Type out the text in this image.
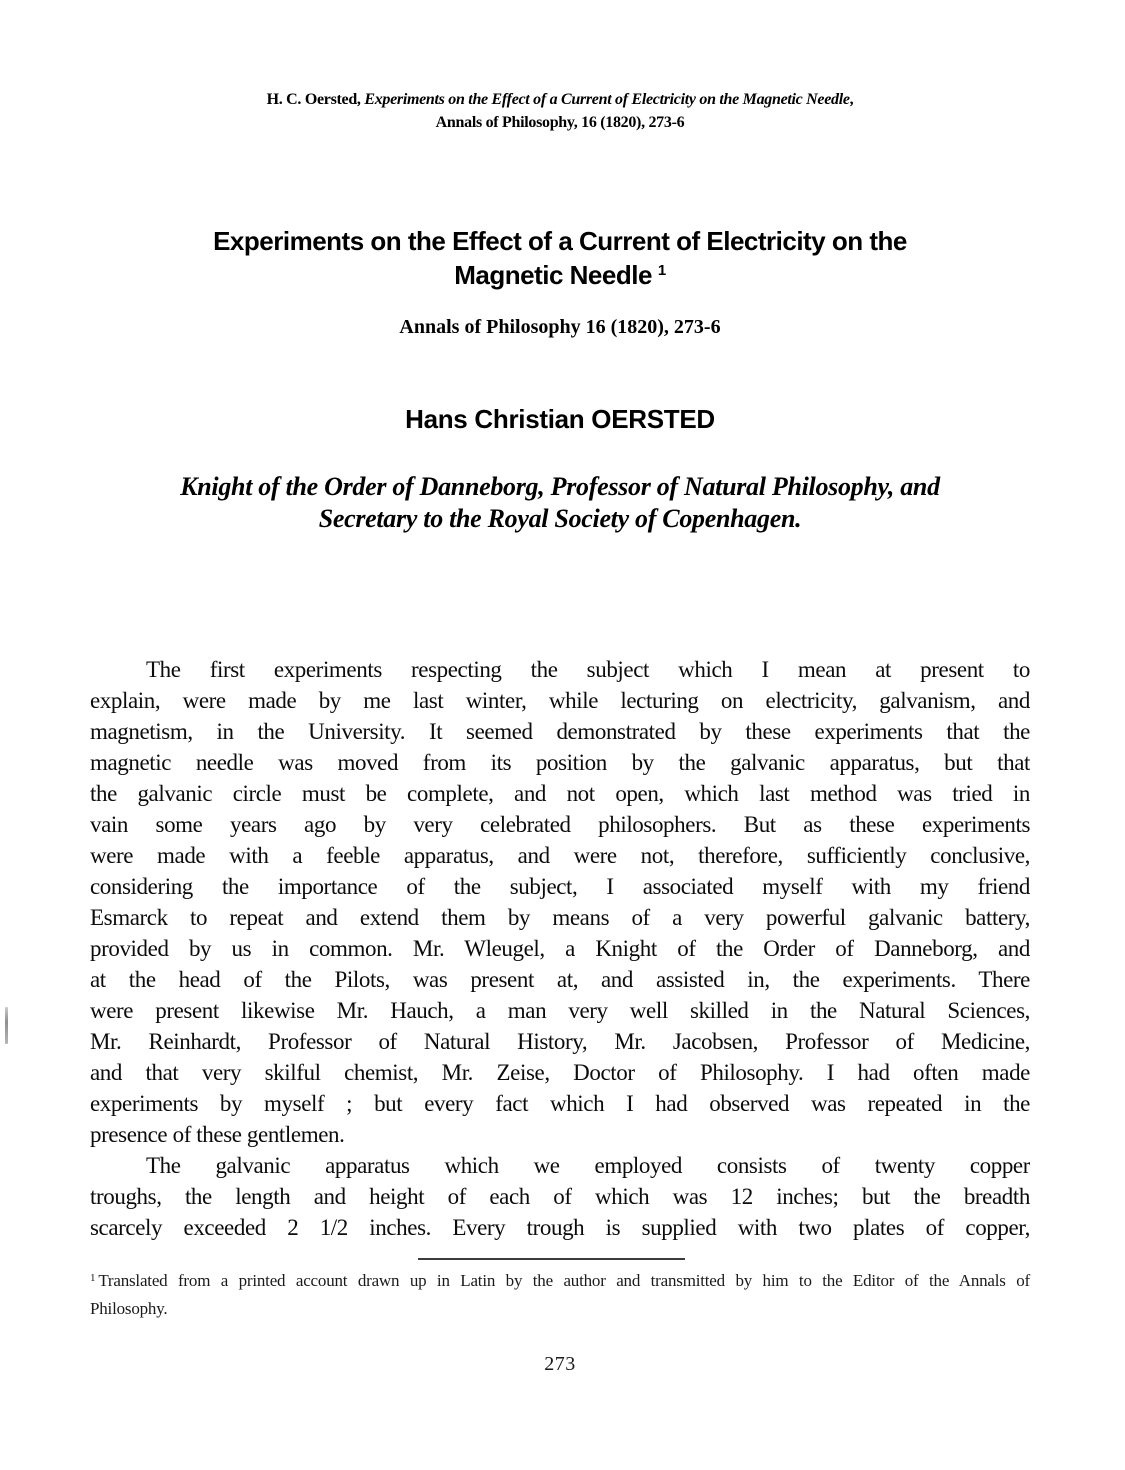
H. C. Oersted, Experiments on the Effect of a Current of Electricity on the Magnetic Needle,
Annals of Philosophy, 16 (1820), 273-6
Experiments on the Effect of a Current of Electricity on the
Magnetic Needle $^1$
Annals of Philosophy 16 (1820), 273-6
Hans Christian OERSTED
Knight of the Order of Danneborg, Professor of Natural Philosophy, and
Secretary to the Royal Society of Copenhagen.
The first experiments respecting the subject which I mean at present to
explain, were made by me last winter, while lecturing on electricity, galvanism, and
magnetism, in the University. It seemed demonstrated by these experiments that the
magnetic needle was moved from its position by the galvanic apparatus, but that
the galvanic circle must be complete, and not open, which last method was tried in
vain some years ago by very celebrated philosophers. But as these experiments
were made with a feeble apparatus, and were not, therefore, sufficiently conclusive,
considering the importance of the subject, I associated myself with my friend
Esmarck to repeat and extend them by means of a very powerful galvanic battery,
provided by us in common. Mr. Wleugel, a Knight of the Order of Danneborg, and
at the head of the Pilots, was present at, and assisted in, the experiments. There
were present likewise Mr. Hauch, a man very well skilled in the Natural Sciences,
Mr. Reinhardt, Professor of Natural History, Mr. Jacobsen, Professor of Medicine,
and that very skilful chemist, Mr. Zeise, Doctor of Philosophy. I had often made
experiments by myself ; but every fact which I had observed was repeated in the
presence of these gentlemen.
The galvanic apparatus which we employed consists of twenty copper
troughs, the length and height of each of which was 12 inches; but the breadth
scarcely exceeded 2 1/2 inches. Every trough is supplied with two plates of copper,
$^1$ Translated from a printed account drawn up in Latin by the author and transmitted by him to the Editor of the Annals of
Philosophy.
273
